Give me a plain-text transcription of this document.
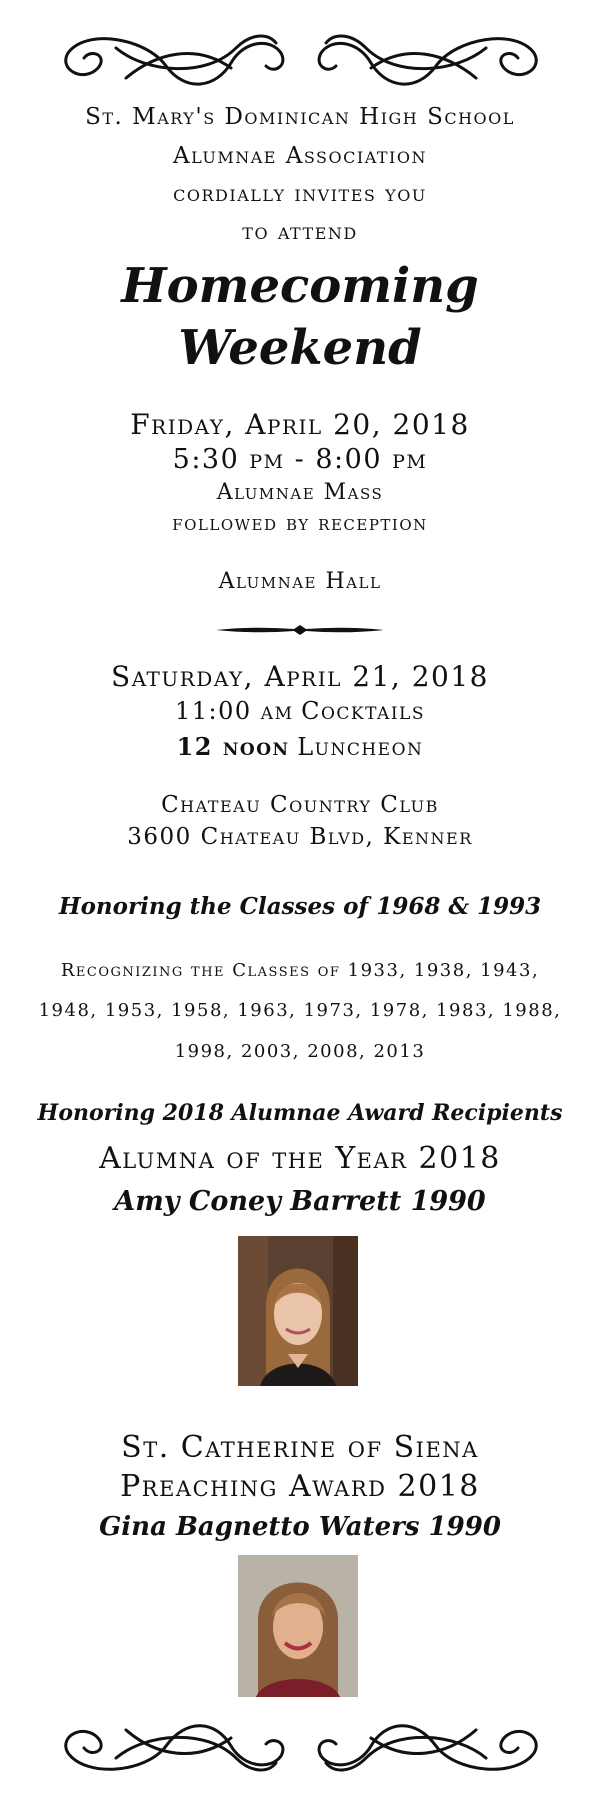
St. Mary's Dominican High School
Alumnae Association
cordially invites you
to attend
Homecoming
Weekend
Friday, April 20, 2018
5:30 pm - 8:00 pm
Alumnae Mass
followed by reception
Alumnae Hall
Saturday, April 21, 2018
11:00 am Cocktails
12 noon Luncheon
Chateau Country Club
3600 Chateau Blvd, Kenner
Honoring the Classes of 1968 & 1993
Recognizing the Classes of 1933, 1938, 1943,
1948, 1953, 1958, 1963, 1973, 1978, 1983, 1988,
1998, 2003, 2008, 2013
Honoring 2018 Alumnae Award Recipients
Alumna of the Year 2018
Amy Coney Barrett 1990
St. Catherine of Siena
Preaching Award 2018
Gina Bagnetto Waters 1990
